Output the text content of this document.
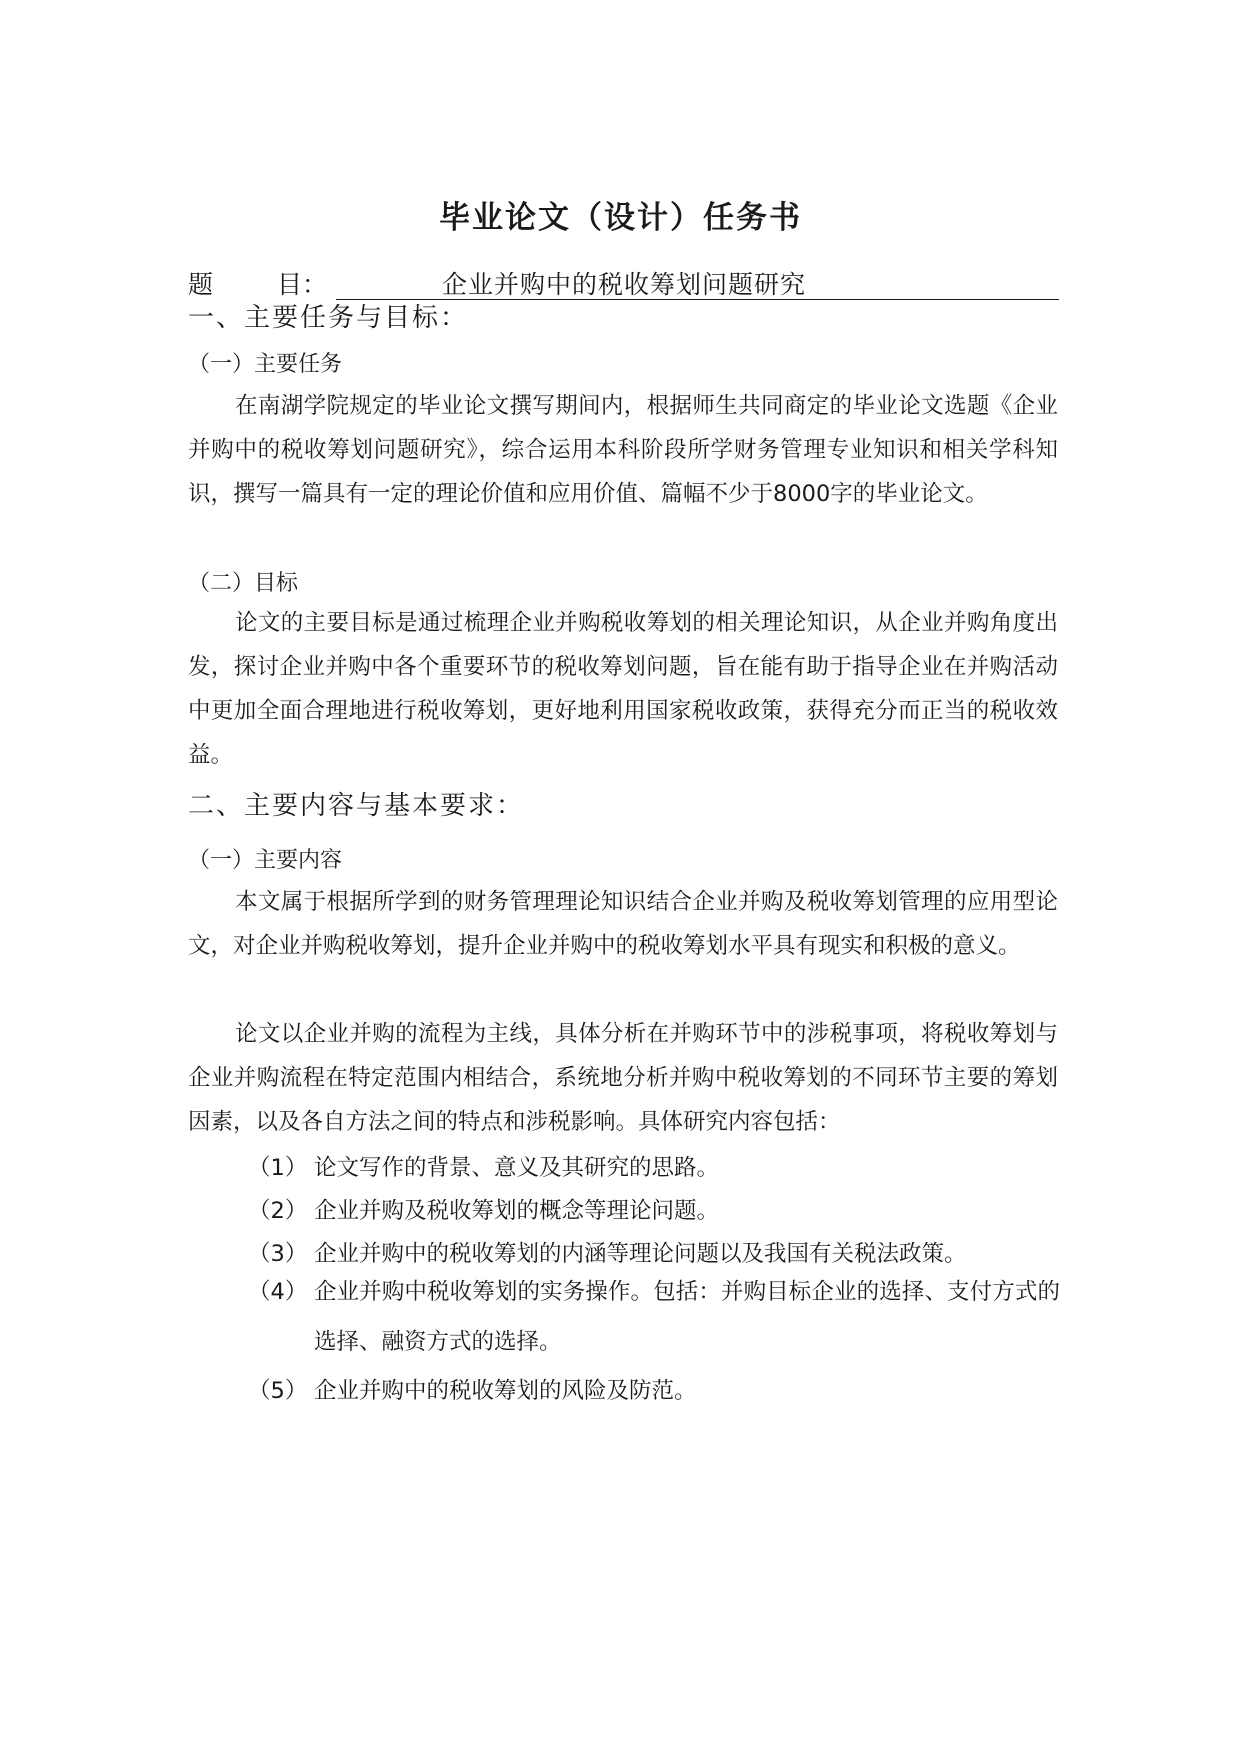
毕业论文（设计）任务书
题	目：	企业并购中的税收筹划问题研究
一、主要任务与目标：
（一）主要任务
在南湖学院规定的毕业论文撰写期间内，根据师生共同商定的毕业论文选题《企业并购中的税收筹划问题研究》，综合运用本科阶段所学财务管理专业知识和相关学科知识，撰写一篇具有一定的理论价值和应用价值、篇幅不少于8000字的毕业论文。
（二）目标
论文的主要目标是通过梳理企业并购税收筹划的相关理论知识，从企业并购角度出发，探讨企业并购中各个重要环节的税收筹划问题，旨在能有助于指导企业在并购活动中更加全面合理地进行税收筹划，更好地利用国家税收政策，获得充分而正当的税收效益。
二、主要内容与基本要求：
（一）主要内容
本文属于根据所学到的财务管理理论知识结合企业并购及税收筹划管理的应用型论文，对企业并购税收筹划，提升企业并购中的税收筹划水平具有现实和积极的意义。
论文以企业并购的流程为主线，具体分析在并购环节中的涉税事项，将税收筹划与企业并购流程在特定范围内相结合，系统地分析并购中税收筹划的不同环节主要的筹划因素，以及各自方法之间的特点和涉税影响。具体研究内容包括：
（1） 论文写作的背景、意义及其研究的思路。
（2） 企业并购及税收筹划的概念等理论问题。
（3） 企业并购中的税收筹划的内涵等理论问题以及我国有关税法政策。
（4） 企业并购中税收筹划的实务操作。包括：并购目标企业的选择、支付方式的选择、融资方式的选择。
（5） 企业并购中的税收筹划的风险及防范。
